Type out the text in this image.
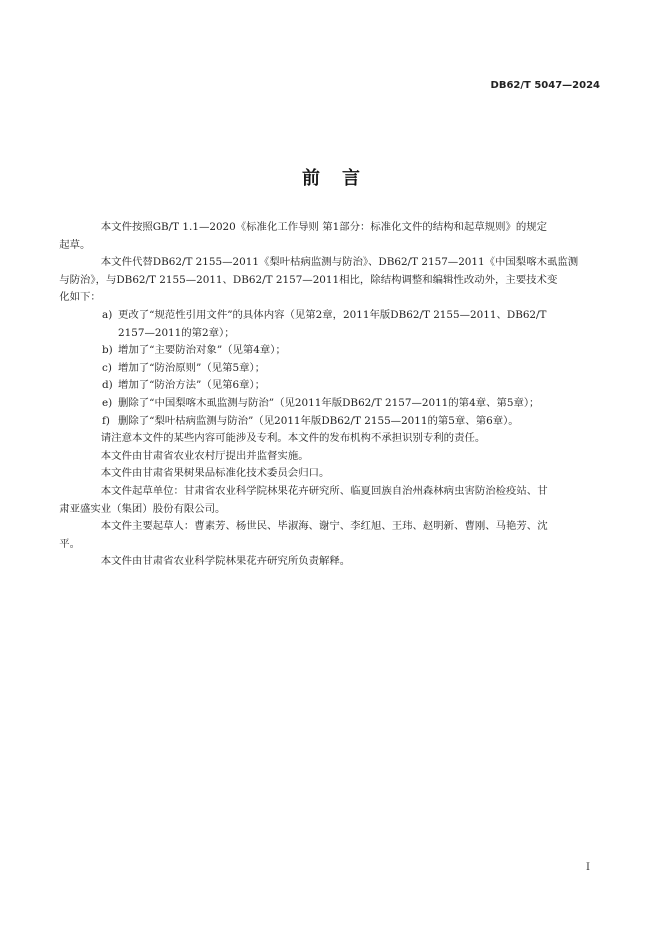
DB62/T 5047—2024
前言

本文件按照GB/T 1.1—2020《标准化工作导则 第1部分：标准化文件的结构和起草规则》的规定
起草。

本文件代替DB62/T 2155—2011《梨叶枯病监测与防治》、DB62/T 2157—2011《中国梨喀木虱监测
与防治》，与DB62/T 2155—2011、DB62/T 2157—2011相比，除结构调整和编辑性改动外，主要技术变
化如下：

a) 更改了“规范性引用文件”的具体内容（见第2章，2011年版DB62/T 2155—2011、DB62/T
2157—2011的第2章）；
b) 增加了“主要防治对象”（见第4章）；
c) 增加了“防治原则”（见第5章）；
d) 增加了“防治方法”（见第6章）；
e) 删除了“中国梨喀木虱监测与防治”（见2011年版DB62/T 2157—2011的第4章、第5章）；
f) 删除了“梨叶枯病监测与防治”（见2011年版DB62/T 2155—2011的第5章、第6章）。

请注意本文件的某些内容可能涉及专利。本文件的发布机构不承担识别专利的责任。

本文件由甘肃省农业农村厅提出并监督实施。

本文件由甘肃省果树果品标准化技术委员会归口。

本文件起草单位：甘肃省农业科学院林果花卉研究所、临夏回族自治州森林病虫害防治检疫站、甘
肃亚盛实业（集团）股份有限公司。

本文件主要起草人：曹素芳、杨世民、毕淑海、谢宁、李红旭、王玮、赵明新、曹刚、马艳芳、沈
平。

本文件由甘肃省农业科学院林果花卉研究所负责解释。

I
